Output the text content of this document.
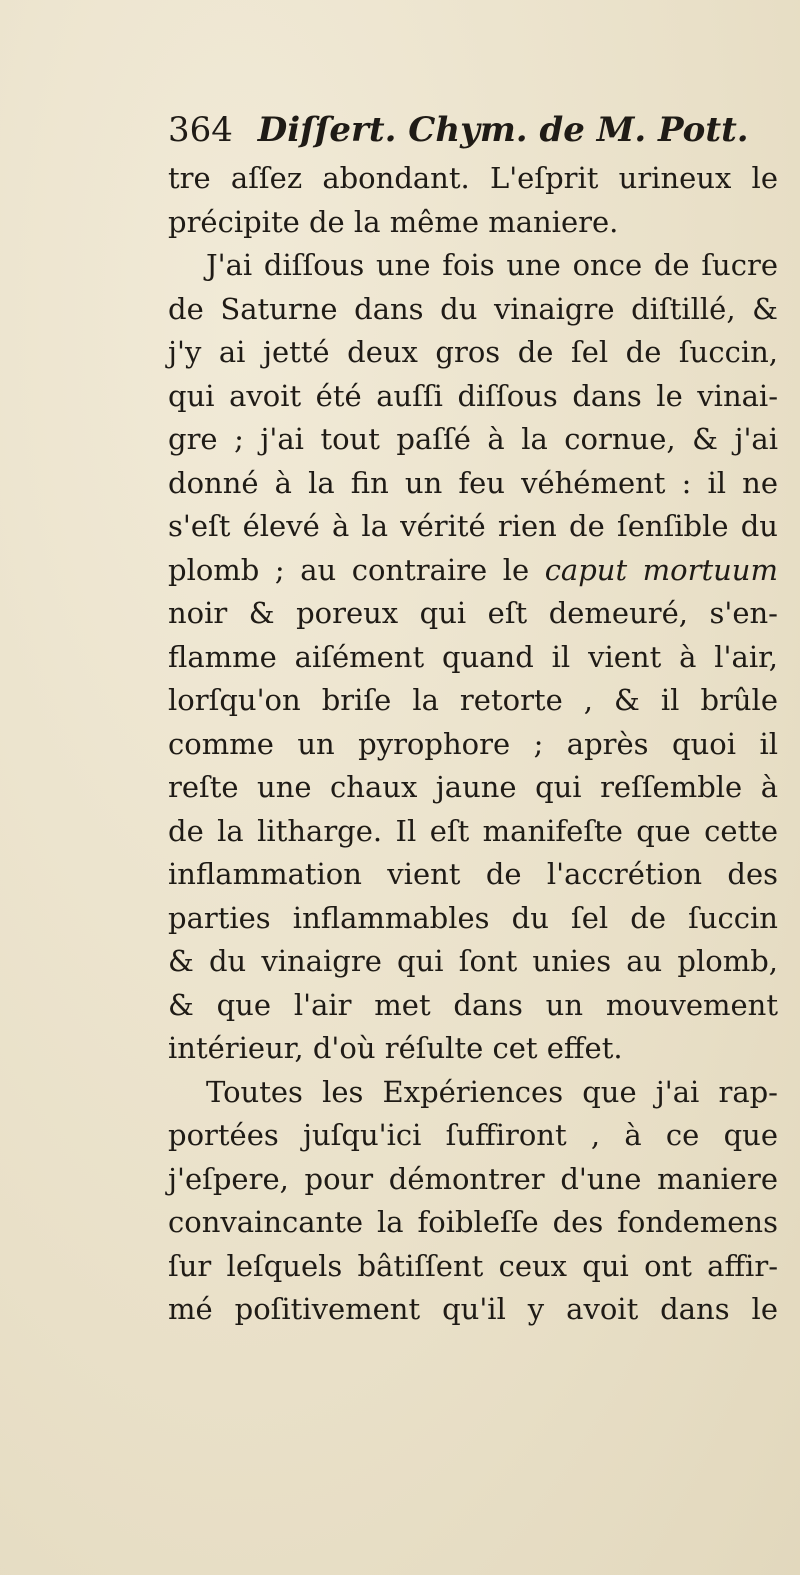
364 Diſſert. Chym. de M. Pott.
tre aſſez abondant. L'eſprit urineux le
précipite de la même maniere.
J'ai diſſous une fois une once de ſucre
de Saturne dans du vinaigre diſtillé, &
j'y ai jetté deux gros de ſel de ſuccin,
qui avoit été auſſi diſſous dans le vinai-
gre ; j'ai tout paſſé à la cornue, & j'ai
donné à la fin un feu véhément : il ne
s'eſt élevé à la vérité rien de ſenſible du
plomb ; au contraire le caput mortuum
noir & poreux qui eſt demeuré, s'en-
flamme aiſément quand il vient à l'air,
lorſqu'on briſe la retorte , & il brûle
comme un pyrophore ; après quoi il
reſte une chaux jaune qui reſſemble à
de la litharge. Il eſt manifeſte que cette
inflammation vient de l'accrétion des
parties inflammables du ſel de ſuccin
& du vinaigre qui ſont unies au plomb,
& que l'air met dans un mouvement
intérieur, d'où réſulte cet effet.
Toutes les Expériences que j'ai rap-
portées juſqu'ici ſuffiront , à ce que
j'eſpere, pour démontrer d'une maniere
convaincante la foibleſſe des fondemens
ſur leſquels bâtiſſent ceux qui ont affir-
mé poſitivement qu'il y avoit dans le
